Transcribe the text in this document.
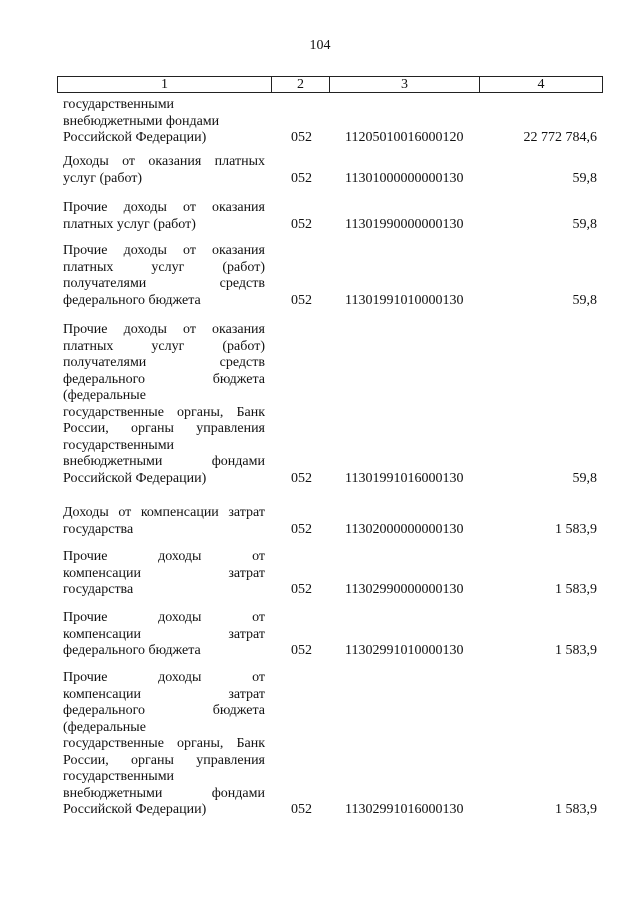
104
1	2	3	4
государственными
внебюджетными фондами
Российской Федерации)	052	11205010016000120	22 772 784,6
Доходы от оказания платных
услуг (работ)	052	11301000000000130	59,8
Прочие доходы от оказания
платных услуг (работ)	052	11301990000000130	59,8
Прочие доходы от оказания
платных услуг (работ)
получателями средств
федерального бюджета	052	11301991010000130	59,8
Прочие доходы от оказания
платных услуг (работ)
получателями средств
федерального бюджета
(федеральные
государственные органы, Банк
России, органы управления
государственными
внебюджетными фондами
Российской Федерации)	052	11301991016000130	59,8
Доходы от компенсации затрат
государства	052	11302000000000130	1 583,9
Прочие доходы от
компенсации затрат
государства	052	11302990000000130	1 583,9
Прочие доходы от
компенсации затрат
федерального бюджета	052	11302991010000130	1 583,9
Прочие доходы от
компенсации затрат
федерального бюджета
(федеральные
государственные органы, Банк
России, органы управления
государственными
внебюджетными фондами
Российской Федерации)	052	11302991016000130	1 583,9
